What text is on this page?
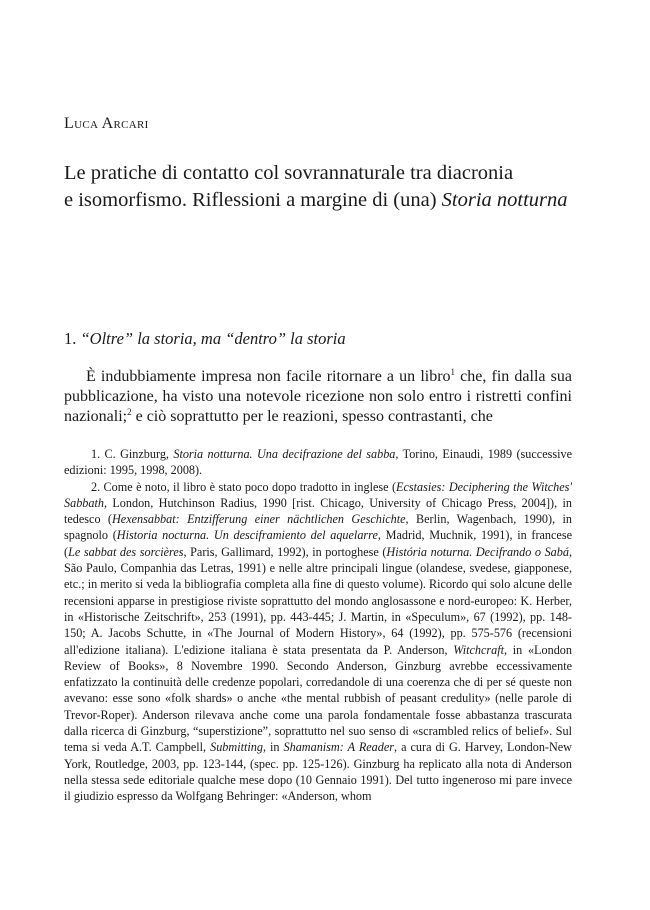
Luca Arcari
Le pratiche di contatto col sovrannaturale tra diacronia
e isomorfismo. Riflessioni a margine di (una) Storia notturna
1. “Oltre” la storia, ma “dentro” la storia

È indubbiamente impresa non facile ritornare a un libro$^1$ che, fin dalla sua pubblicazione, ha visto una notevole ricezione non solo entro i ristretti confini nazionali;$^2$ e ciò soprattutto per le reazioni, spesso contrastanti, che

1. C. Ginzburg, Storia notturna. Una decifrazione del sabba, Torino, Einaudi, 1989 (successive edizioni: 1995, 1998, 2008).

2. Come è noto, il libro è stato poco dopo tradotto in inglese (Ecstasies: Deciphering the Witches' Sabbath, London, Hutchinson Radius, 1990 [rist. Chicago, University of Chicago Press, 2004]), in tedesco (Hexensabbat: Entzifferung einer nächtlichen Geschichte, Berlin, Wagenbach, 1990), in spagnolo (Historia nocturna. Un desciframiento del aquelarre, Madrid, Muchnik, 1991), in francese (Le sabbat des sorcières, Paris, Gallimard, 1992), in portoghese (História noturna. Decifrando o Sabá, São Paulo, Companhia das Letras, 1991) e nelle altre principali lingue (olandese, svedese, giapponese, etc.; in merito si veda la bibliografia completa alla fine di questo volume). Ricordo qui solo alcune delle recensioni apparse in prestigiose riviste soprattutto del mondo anglosassone e nord-europeo: K. Herber, in «Historische Zeitschrift», 253 (1991), pp. 443-445; J. Martin, in «Speculum», 67 (1992), pp. 148-150; A. Jacobs Schutte, in «The Journal of Modern History», 64 (1992), pp. 575-576 (recensioni all'edizione italiana). L'edizione italiana è stata presentata da P. Anderson, Witchcraft, in «London Review of Books», 8 Novembre 1990. Secondo Anderson, Ginzburg avrebbe eccessivamente enfatizzato la continuità delle credenze popolari, corredandole di una coerenza che di per sé queste non avevano: esse sono «folk shards» o anche «the mental rubbish of peasant credulity» (nelle parole di Trevor-Roper). Anderson rilevava anche come una parola fondamentale fosse abbastanza trascurata dalla ricerca di Ginzburg, “superstizione”, soprattutto nel suo senso di «scrambled relics of belief». Sul tema si veda A.T. Campbell, Submitting, in Shamanism: A Reader, a cura di G. Harvey, London-New York, Routledge, 2003, pp. 123-144, (spec. pp. 125-126). Ginzburg ha replicato alla nota di Anderson nella stessa sede editoriale qualche mese dopo (10 Gennaio 1991). Del tutto ingeneroso mi pare invece il giudizio espresso da Wolfgang Behringer: «Anderson, whom
